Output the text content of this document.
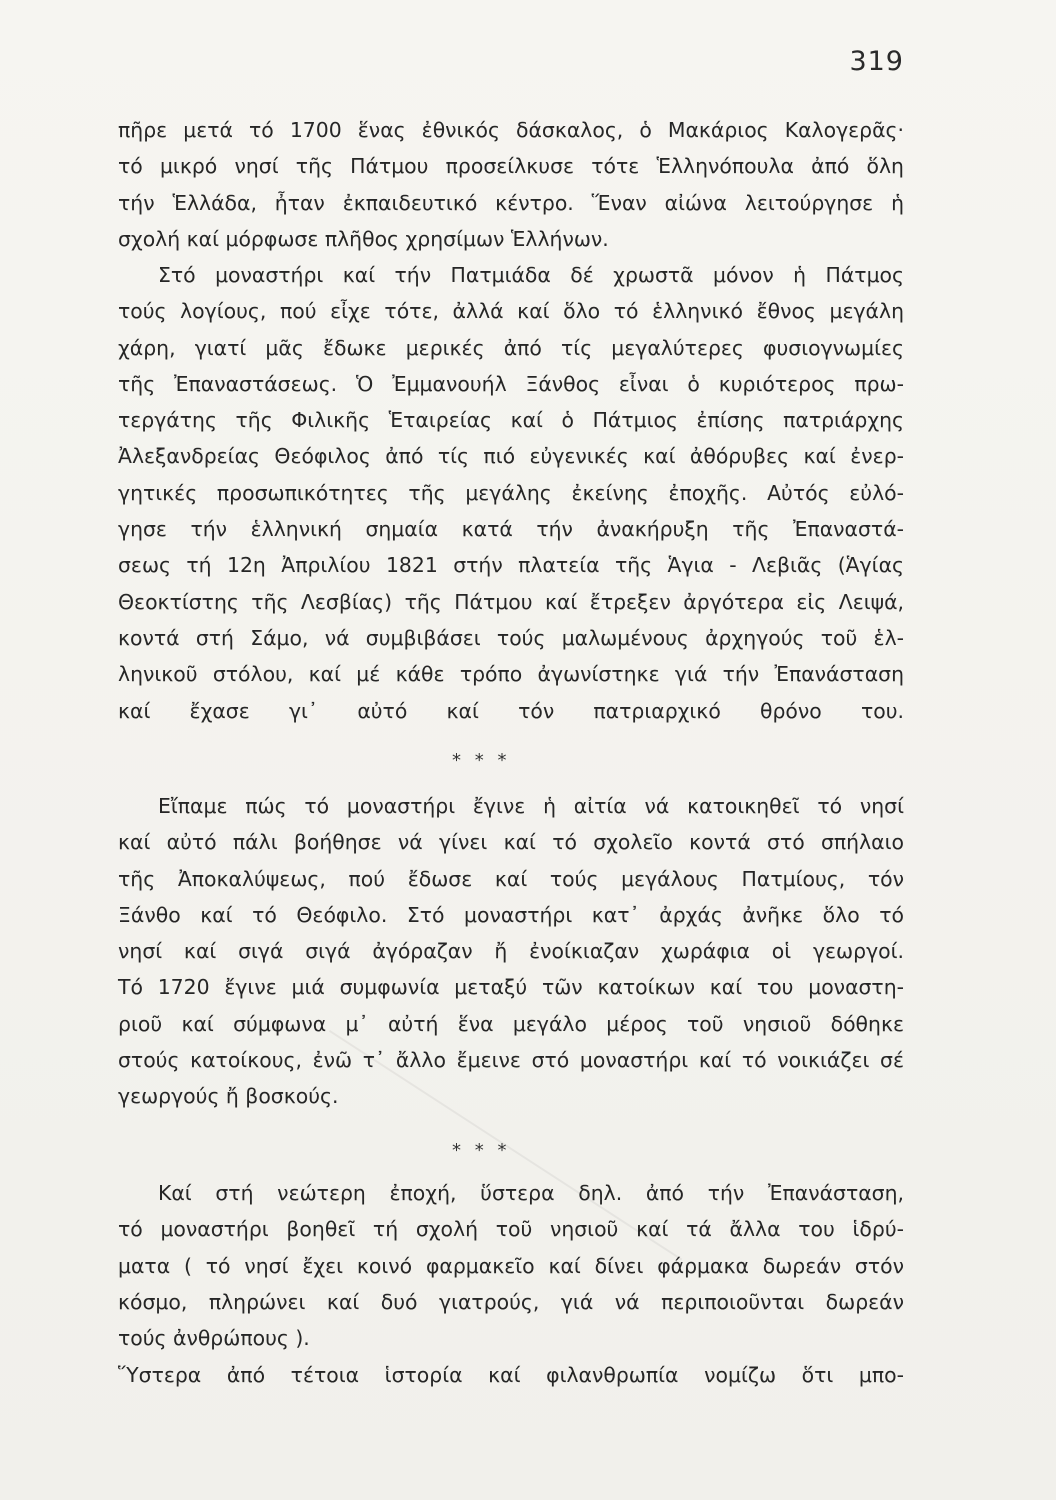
319
πῆρε μετά τό 1700 ἕνας ἐθνικός δάσκαλος, ὁ Μακάριος Καλογερᾶς·
τό μικρό νησί τῆς Πάτμου προσείλκυσε τότε Ἑλληνόπουλα ἀπό ὅλη
τήν Ἑλλάδα, ἦταν ἐκπαιδευτικό κέντρο. Ἕναν αἰώνα λειτούργησε ἡ
σχολή καί μόρφωσε πλῆθος χρησίμων Ἑλλήνων.
Στό μοναστήρι καί τήν Πατμιάδα δέ χρωστᾶ μόνον ἡ Πάτμος
τούς λογίους, πού εἶχε τότε, ἀλλά καί ὅλο τό ἑλληνικό ἔθνος μεγάλη
χάρη, γιατί μᾶς ἔδωκε μερικές ἀπό τίς μεγαλύτερες φυσιογνωμίες
τῆς Ἐπαναστάσεως. Ὁ Ἐμμανουήλ Ξάνθος εἶναι ὁ κυριότερος πρω-
τεργάτης τῆς Φιλικῆς Ἑταιρείας καί ὁ Πάτμιος ἐπίσης πατριάρχης
Ἀλεξανδρείας Θεόφιλος ἀπό τίς πιό εὐγενικές καί ἀθόρυβες καί ἐνερ-
γητικές προσωπικότητες τῆς μεγάλης ἐκείνης ἐποχῆς. Αὐτός εὐλό-
γησε τήν ἑλληνική σημαία κατά τήν ἀνακήρυξη τῆς Ἐπαναστά-
σεως τή 12η Ἀπριλίου 1821 στήν πλατεία τῆς Ἁγια - Λεβιᾶς (Ἁγίας
Θεοκτίστης τῆς Λεσβίας) τῆς Πάτμου καί ἔτρεξεν ἀργότερα εἰς Λειψά,
κοντά στή Σάμο, νά συμβιβάσει τούς μαλωμένους ἀρχηγούς τοῦ ἑλ-
ληνικοῦ στόλου, καί μέ κάθε τρόπο ἀγωνίστηκε γιά τήν Ἐπανάσταση
καί ἔχασε γι᾽ αὐτό καί τόν πατριαρχικό θρόνο του.
* * *
Εἴπαμε πώς τό μοναστήρι ἔγινε ἡ αἰτία νά κατοικηθεῖ τό νησί
καί αὐτό πάλι βοήθησε νά γίνει καί τό σχολεῖο κοντά στό σπήλαιο
τῆς Ἀποκαλύψεως, πού ἔδωσε καί τούς μεγάλους Πατμίους, τόν
Ξάνθο καί τό Θεόφιλο. Στό μοναστήρι κατ᾽ ἀρχάς ἀνῆκε ὅλο τό
νησί καί σιγά σιγά ἀγόραζαν ἤ ἐνοίκιαζαν χωράφια οἱ γεωργοί.
Τό 1720 ἔγινε μιά συμφωνία μεταξύ τῶν κατοίκων καί του μοναστη-
ριοῦ καί σύμφωνα μ᾽ αὐτή ἕνα μεγάλο μέρος τοῦ νησιοῦ δόθηκε
στούς κατοίκους, ἐνῶ τ᾽ ἄλλο ἔμεινε στό μοναστήρι καί τό νοικιάζει σέ
γεωργούς ἤ βοσκούς.
* * *
Καί στή νεώτερη ἐποχή, ὕστερα δηλ. ἀπό τήν Ἐπανάσταση,
τό μοναστήρι βοηθεῖ τή σχολή τοῦ νησιοῦ καί τά ἄλλα του ἱδρύ-
ματα ( τό νησί ἔχει κοινό φαρμακεῖο καί δίνει φάρμακα δωρεάν στόν
κόσμο, πληρώνει καί δυό γιατρούς, γιά νά περιποιοῦνται δωρεάν
τούς ἀνθρώπους ).
Ὕστερα ἀπό τέτοια ἱστορία καί φιλανθρωπία νομίζω ὅτι μπο-
